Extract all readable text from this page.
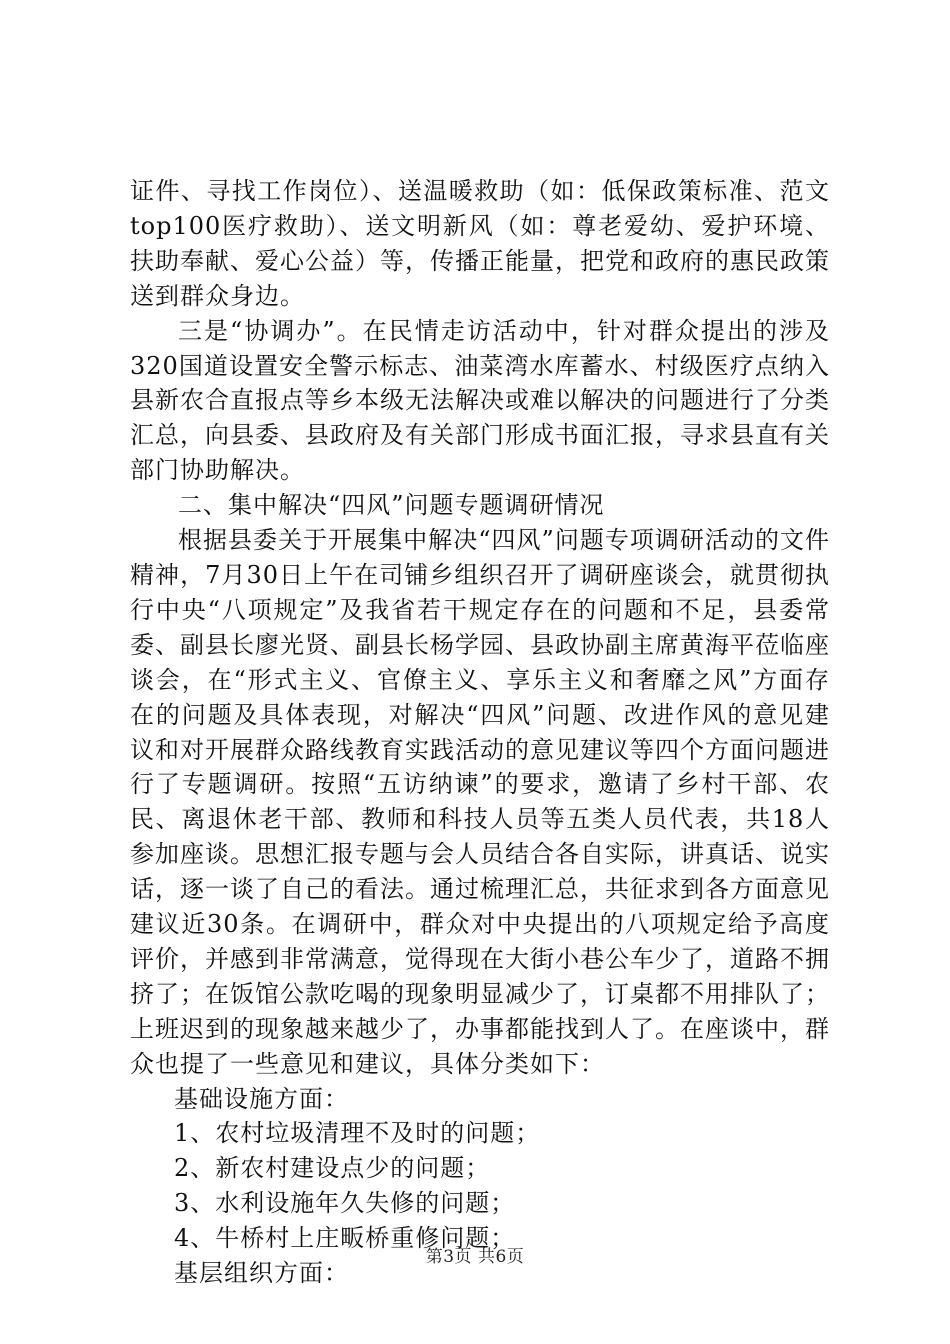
证件、寻找工作岗位）、送温暖救助（如：低保政策标准、范文top100医疗救助）、送文明新风（如：尊老爱幼、爱护环境、扶助奉献、爱心公益）等，传播正能量，把党和政府的惠民政策送到群众身边。

三是“协调办”。在民情走访活动中，针对群众提出的涉及320国道设置安全警示标志、油菜湾水库蓄水、村级医疗点纳入县新农合直报点等乡本级无法解决或难以解决的问题进行了分类汇总，向县委、县政府及有关部门形成书面汇报，寻求县直有关部门协助解决。

二、集中解决“四风”问题专题调研情况

根据县委关于开展集中解决“四风”问题专项调研活动的文件精神，7月30日上午在司铺乡组织召开了调研座谈会，就贯彻执行中央“八项规定”及我省若干规定存在的问题和不足，县委常委、副县长廖光贤、副县长杨学园、县政协副主席黄海平莅临座谈会，在“形式主义、官僚主义、享乐主义和奢靡之风”方面存在的问题及具体表现，对解决“四风”问题、改进作风的意见建议和对开展群众路线教育实践活动的意见建议等四个方面问题进行了专题调研。按照“五访纳谏”的要求，邀请了乡村干部、农民、离退休老干部、教师和科技人员等五类人员代表，共18人参加座谈。思想汇报专题与会人员结合各自实际，讲真话、说实话，逐一谈了自己的看法。通过梳理汇总，共征求到各方面意见建议近30条。在调研中，群众对中央提出的八项规定给予高度评价，并感到非常满意，觉得现在大街小巷公车少了，道路不拥挤了；在饭馆公款吃喝的现象明显减少了，订桌都不用排队了；上班迟到的现象越来越少了，办事都能找到人了。在座谈中，群众也提了一些意见和建议，具体分类如下：

基础设施方面：

1、农村垃圾清理不及时的问题；

2、新农村建设点少的问题；

3、水利设施年久失修的问题；

4、牛桥村上庄畈桥重修问题；

基层组织方面：

第3页 共6页
